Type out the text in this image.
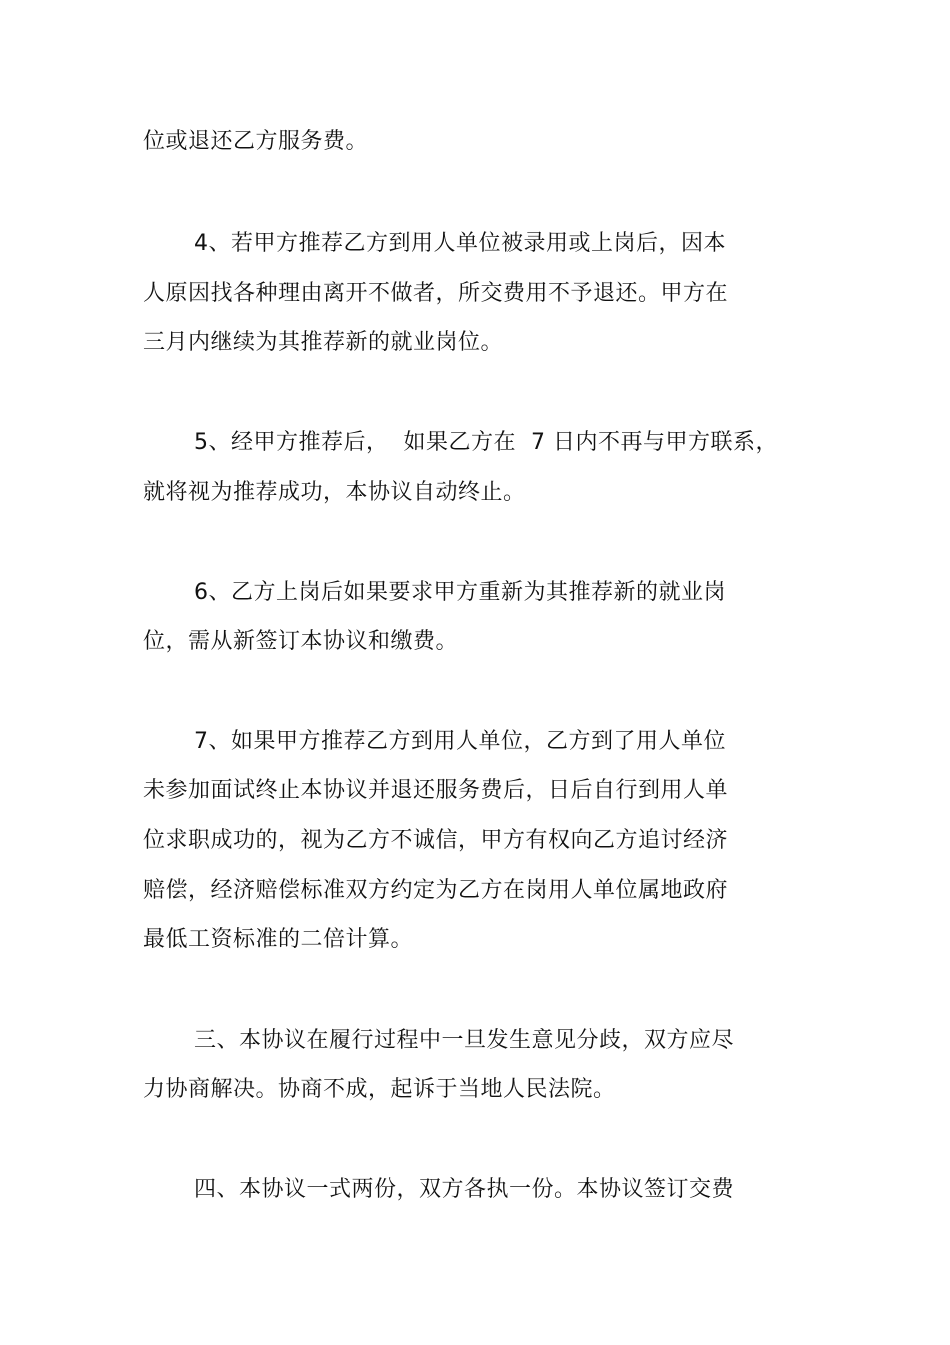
位或退还乙方服务费。
4、若甲方推荐乙方到用人单位被录用或上岗后，因本
人原因找各种理由离开不做者，所交费用不予退还。甲方在
三月内继续为其推荐新的就业岗位。
5、经甲方推荐后，  如果乙方在  7 日内不再与甲方联系，
就将视为推荐成功，本协议自动终止。
6、乙方上岗后如果要求甲方重新为其推荐新的就业岗
位，需从新签订本协议和缴费。
7、如果甲方推荐乙方到用人单位，乙方到了用人单位
未参加面试终止本协议并退还服务费后，日后自行到用人单
位求职成功的，视为乙方不诚信，甲方有权向乙方追讨经济
赔偿，经济赔偿标准双方约定为乙方在岗用人单位属地政府
最低工资标准的二倍计算。
三、本协议在履行过程中一旦发生意见分歧，双方应尽
力协商解决。协商不成，起诉于当地人民法院。
四、本协议一式两份，双方各执一份。本协议签订交费
